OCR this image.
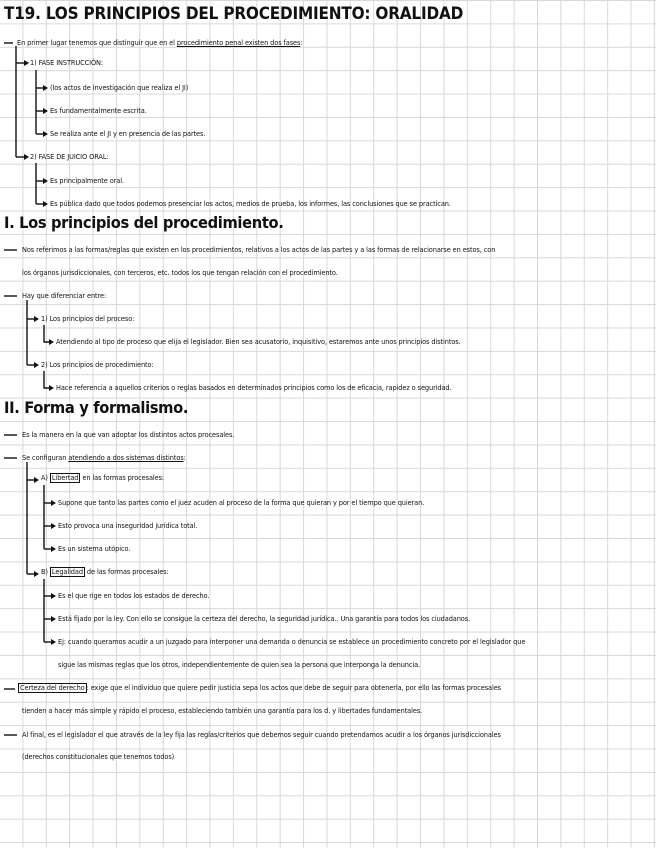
T19. LOS PRINCIPIOS DEL PROCEDIMIENTO: ORALIDAD
En primer lugar tenemos que distinguir que en el procedimiento penal existen dos fases:
1) FASE INSTRUCCIÓN:
(los actos de investigación que realiza el JI)
Es fundamentalmente escrita.
Se realiza ante el JI y en presencia de las partes.
2) FASE DE JUICIO ORAL:
Es principalmente oral.
Es pública dado que todos podemos presenciar los actos, medios de prueba, los informes, las conclusiones que se practican.
I. Los principios del procedimiento.
Nos referimos a las formas/reglas que existen en los procedimientos, relativos a los actos de las partes y a las formas de relacionarse en estos, con
los órganos jurisdiccionales, con terceros, etc. todos los que tengan relación con el procedimiento.
Hay que diferenciar entre:
1) Los principios del proceso:
Atendiendo al tipo de proceso que elija el legislador. Bien sea acusatorio, inquisitivo, estaremos ante unos principios distintos.
2) Los principios de procedimiento:
Hace referencia a aquellos criterios o reglas basados en determinados principios como los de eficacia, rapidez o seguridad.
II. Forma y formalismo.
Es la manera en la que van adoptar los distintos actos procesales.
Se configuran atendiendo a dos sistemas distintos:
A) Libertad en las formas procesales:
Supone que tanto las partes como el juez acuden al proceso de la forma que quieran y por el tiempo que quieran.
Esto provoca una inseguridad jurídica total.
Es un sistema utópico.
B) Legalidad de las formas procesales:
Es el que rige en todos los estados de derecho.
Está fijado por la ley. Con ello se consigue la certeza del derecho, la seguridad jurídica.. Una garantía para todos los ciudadanos.
Ej: cuando queramos acudir a un juzgado para interponer una demanda o denuncia se establece un procedimiento concreto por el legislador que
sigue las mismas reglas que los otros, independientemente de quien sea la persona que interponga la denuncia.
Certeza del derecho : exige que el individuo que quiere pedir justicia sepa los actos que debe de seguir para obtenerla, por ello las formas procesales
tienden a hacer más simple y rápido el proceso, estableciendo también una garantía para los d. y libertades fundamentales.
Al final, es el legislador el que através de la ley fija las reglas/criterios que debemos seguir cuando pretendamos acudir a los órganos jurisdiccionales
(derechos constitucionales que tenemos todos)
